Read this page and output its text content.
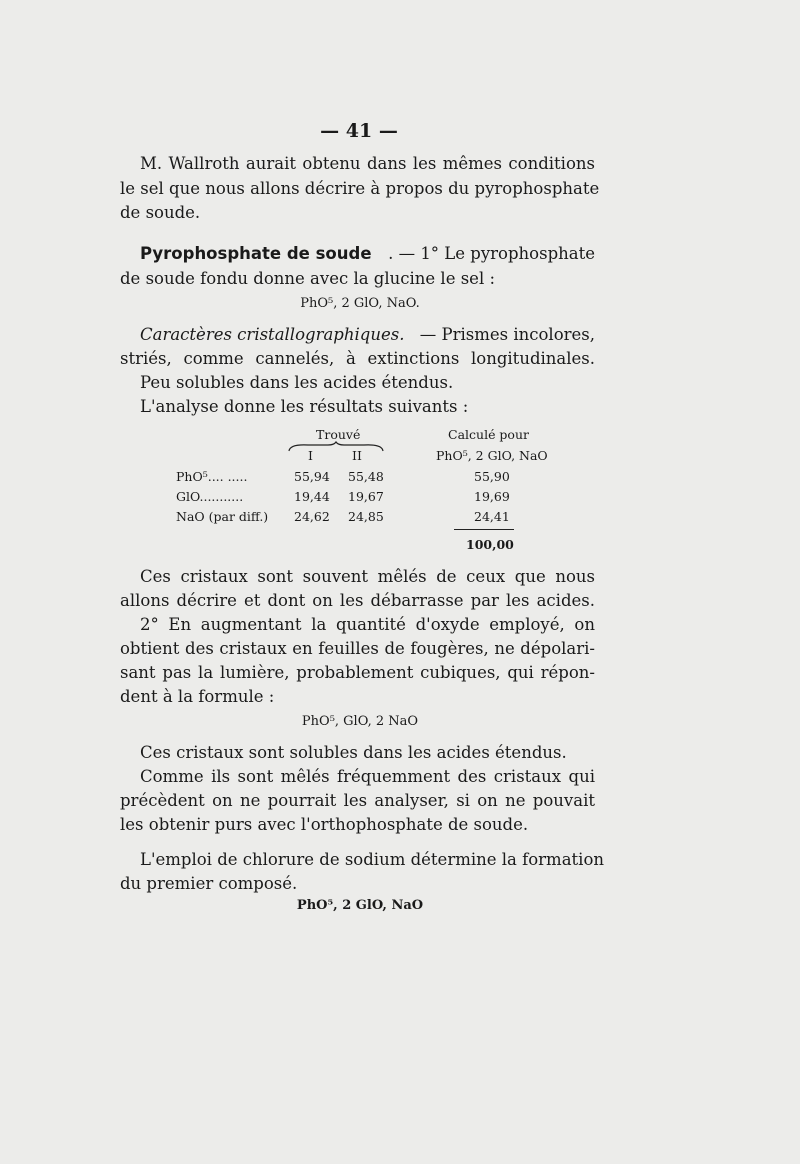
— 41 —
M. Wallroth aurait obtenu dans les mêmes conditions
le sel que nous allons décrire à propos du pyrophosphate
de soude.
Pyrophosphate de soude . — 1° Le pyrophosphate
de soude fondu donne avec la glucine le sel :
PhO⁵, 2 GlO, NaO.
Caractères cristallographiques. — Prismes incolores,
striés, comme cannelés, à extinctions longitudinales.
Peu solubles dans les acides étendus.
L'analyse donne les résultats suivants :
Trouvé
I	II
Calculé pour
PhO⁵, 2 GlO, NaO
PhO⁵.... .....	55,94 55,48	55,90
GlO...........	19,44 19,67	19,69
NaO (par diff.) 24,62 24,85	24,41
100,00
Ces cristaux sont souvent mêlés de ceux que nous
allons décrire et dont on les débarrasse par les acides.
2° En augmentant la quantité d'oxyde employé, on
obtient des cristaux en feuilles de fougères, ne dépolari-
sant pas la lumière, probablement cubiques, qui répon-
dent à la formule :
PhO⁵, GlO, 2 NaO
Ces cristaux sont solubles dans les acides étendus.
Comme ils sont mêlés fréquemment des cristaux qui
précèdent on ne pourrait les analyser, si on ne pouvait
les obtenir purs avec l'orthophosphate de soude.
L'emploi de chlorure de sodium détermine la formation
du premier composé.
PhO⁵, 2 GlO, NaO
